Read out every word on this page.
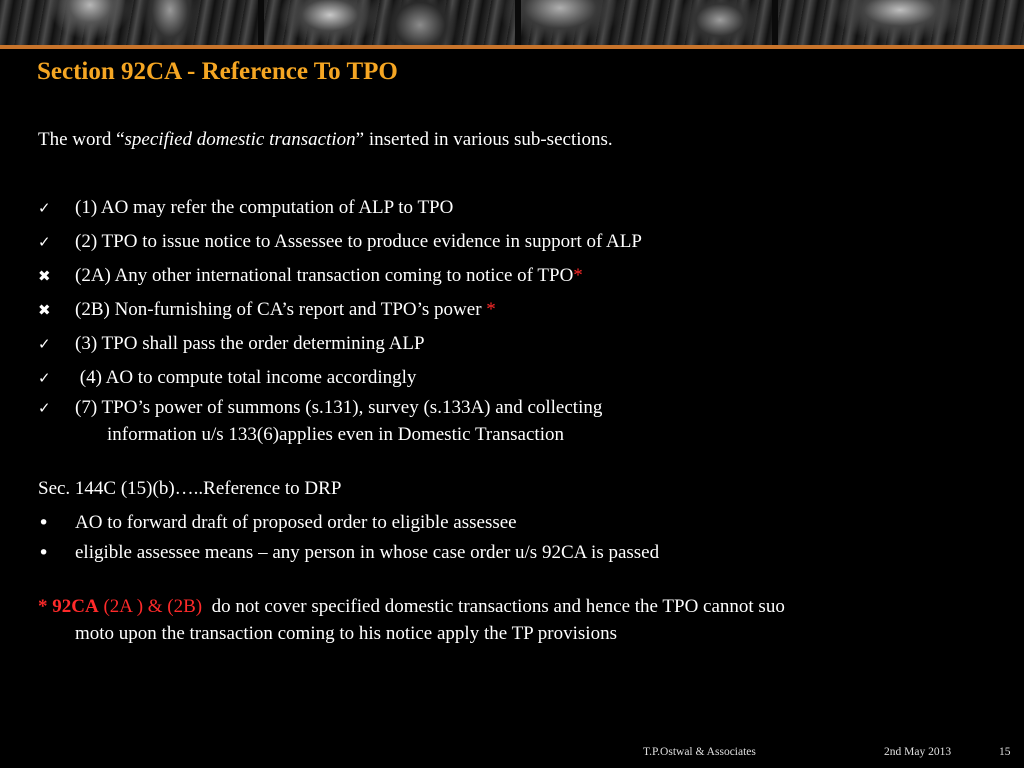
Section 92CA - Reference To TPO
The word “specified domestic transaction” inserted in various sub-sections.
✓	(1) AO may refer the computation of ALP to TPO
✓	(2) TPO to issue notice to Assessee to produce evidence in support of ALP
✖	(2A) Any other international transaction coming to notice of TPO*
✖	(2B) Non-furnishing of CA’s report and TPO’s power *
✓	(3) TPO shall pass the order determining ALP
✓	(4) AO to compute total income accordingly
✓	(7) TPO’s power of summons (s.131), survey (s.133A) and collecting
information u/s 133(6)applies even in Domestic Transaction
Sec. 144C (15)(b)…..Reference to DRP
• AO to forward draft of proposed order to eligible assessee
• eligible assessee means – any person in whose case order u/s 92CA is passed
* 92CA (2A ) & (2B)  do not cover specified domestic transactions and hence the TPO cannot suo
moto upon the transaction coming to his notice apply the TP provisions
T.P.Ostwal & Associates	2nd May 2013	15
